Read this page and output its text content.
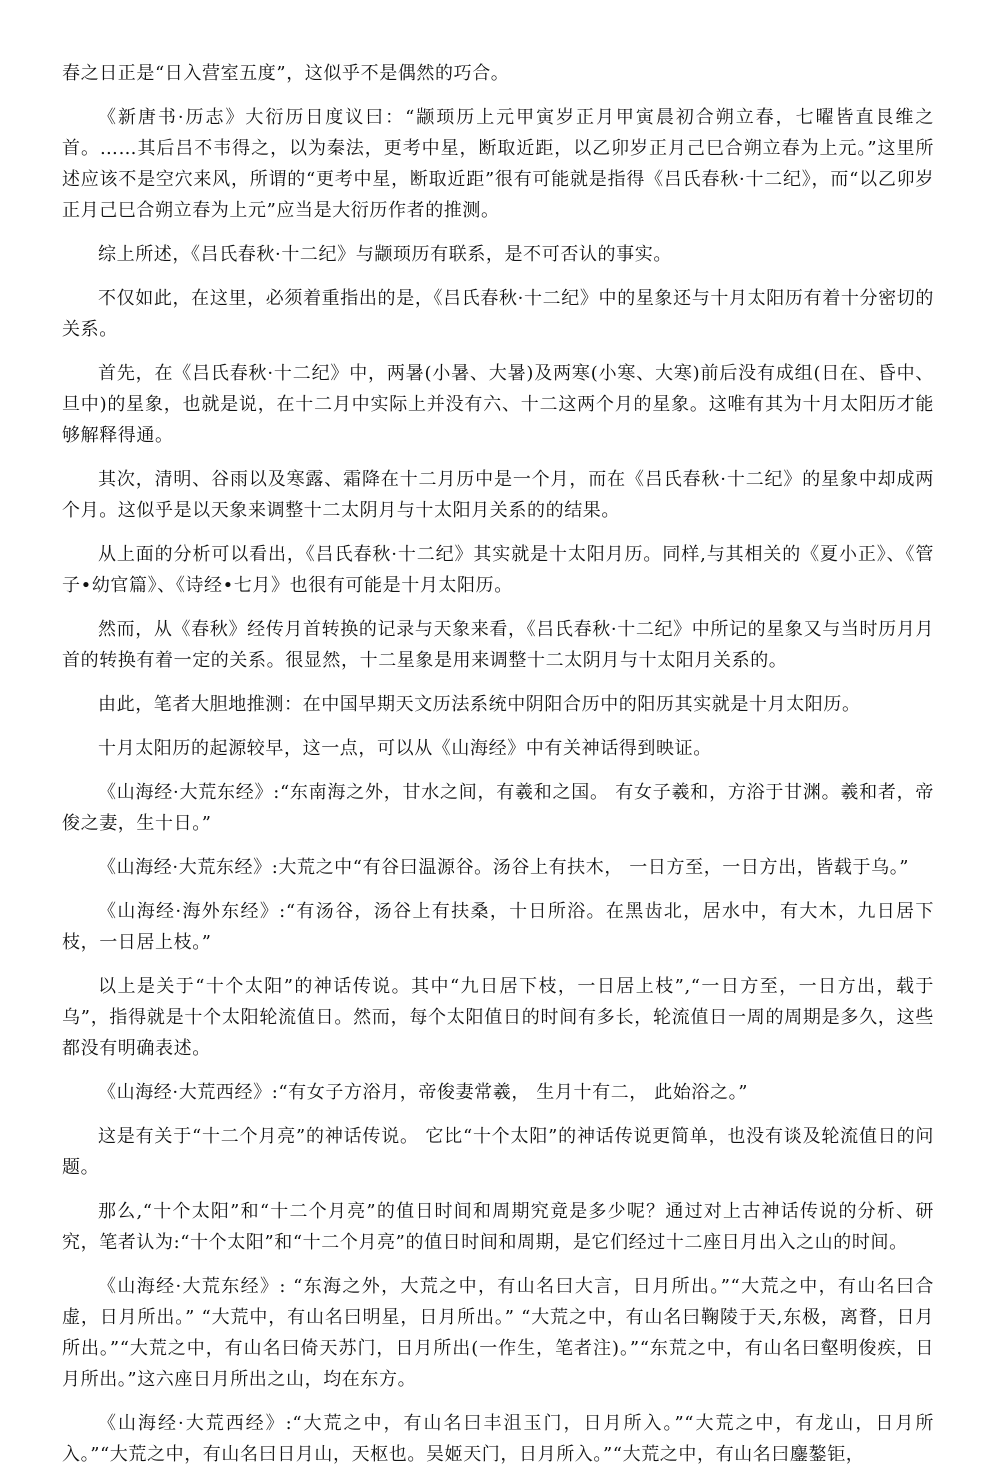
春之日正是“日入营室五度”，这似乎不是偶然的巧合。

《新唐书·历志》大衍历日度议曰：“颛顼历上元甲寅岁正月甲寅晨初合朔立春，七曜皆直艮维之首。……其后吕不韦得之，以为秦法，更考中星，断取近距，以乙卯岁正月己巳合朔立春为上元。”这里所述应该不是空穴来风，所谓的“更考中星，断取近距”很有可能就是指得《吕氏春秋·十二纪》，而“以乙卯岁正月己巳合朔立春为上元”应当是大衍历作者的推测。

综上所述，《吕氏春秋·十二纪》与颛顼历有联系，是不可否认的事实。

不仅如此，在这里，必须着重指出的是，《吕氏春秋·十二纪》中的星象还与十月太阳历有着十分密切的关系。

首先，在《吕氏春秋·十二纪》中，两暑(小暑、大暑)及两寒(小寒、大寒)前后没有成组(日在、昏中、旦中)的星象，也就是说，在十二月中实际上并没有六、十二这两个月的星象。这唯有其为十月太阳历才能够解释得通。

其次，清明、谷雨以及寒露、霜降在十二月历中是一个月，而在《吕氏春秋·十二纪》的星象中却成两个月。这似乎是以天象来调整十二太阴月与十太阳月关系的的结果。

从上面的分析可以看出，《吕氏春秋·十二纪》其实就是十太阳月历。同样,与其相关的《夏小正》、《管子•幼官篇》、《诗经•七月》也很有可能是十月太阳历。

然而，从《春秋》经传月首转换的记录与天象来看，《吕氏春秋·十二纪》中所记的星象又与当时历月月首的转换有着一定的关系。很显然，十二星象是用来调整十二太阴月与十太阳月关系的。

由此，笔者大胆地推测：在中国早期天文历法系统中阴阳合历中的阳历其实就是十月太阳历。

十月太阳历的起源较早，这一点，可以从《山海经》中有关神话得到映证。

《山海经·大荒东经》:“东南海之外，甘水之间，有羲和之国。 有女子羲和，方浴于甘渊。羲和者，帝俊之妻，生十日。”

《山海经·大荒东经》:大荒之中“有谷曰温源谷。汤谷上有扶木， 一日方至，一日方出，皆载于乌。”

《山海经·海外东经》:“有汤谷，汤谷上有扶桑，十日所浴。在黑齿北，居水中，有大木，九日居下枝，一日居上枝。”

以上是关于“十个太阳”的神话传说。其中“九日居下枝，一日居上枝”,“一日方至，一日方出，载于乌”，指得就是十个太阳轮流值日。然而，每个太阳值日的时间有多长，轮流值日一周的周期是多久，这些都没有明确表述。

《山海经·大荒西经》:“有女子方浴月，帝俊妻常羲， 生月十有二， 此始浴之。”

这是有关于“十二个月亮”的神话传说。 它比“十个太阳”的神话传说更简单，也没有谈及轮流值日的问题。

那么,“十个太阳”和“十二个月亮”的值日时间和周期究竟是多少呢？通过对上古神话传说的分析、研究，笔者认为:“十个太阳”和“十二个月亮”的值日时间和周期，是它们经过十二座日月出入之山的时间。

《山海经·大荒东经》: “东海之外，大荒之中，有山名曰大言，日月所出。”“大荒之中，有山名曰合虚，日月所出。” “大荒中，有山名曰明星，日月所出。” “大荒之中，有山名曰鞠陵于天,东极，离瞀，日月所出。”“大荒之中，有山名曰倚天苏门，日月所出(一作生，笔者注)。”“东荒之中，有山名曰壑明俊疾，日月所出。”这六座日月所出之山，均在东方。

《山海经·大荒西经》:“大荒之中，有山名曰丰沮玉门，日月所入。”“大荒之中，有龙山，日月所入。”“大荒之中，有山名曰日月山，天枢也。吴姬天门，日月所入。”“大荒之中，有山名曰鏖鏊钜，
